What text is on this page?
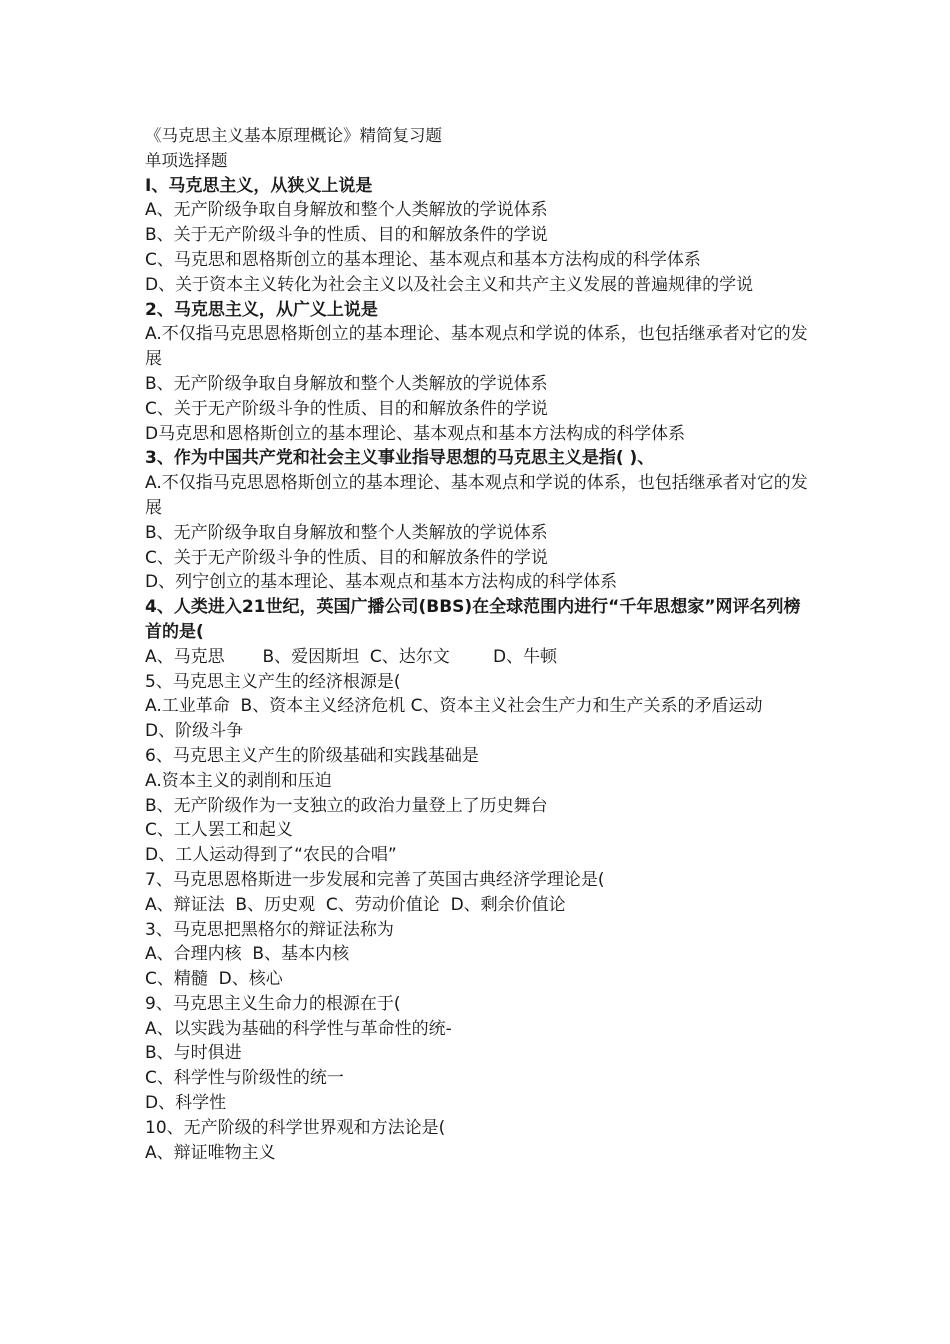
《马克思主义基本原理概论》精简复习题
单项选择题
I、马克思主义，从狭义上说是
A、无产阶级争取自身解放和整个人类解放的学说体系
B、关于无产阶级斗争的性质、目的和解放条件的学说
C、马克思和恩格斯创立的基本理论、基本观点和基本方法构成的科学体系
D、关于资本主义转化为社会主义以及社会主义和共产主义发展的普遍规律的学说
2、马克思主义，从广义上说是
A.不仅指马克思恩格斯创立的基本理论、基本观点和学说的体系，也包括继承者对它的发展
B、无产阶级争取自身解放和整个人类解放的学说体系
C、关于无产阶级斗争的性质、目的和解放条件的学说
D马克思和恩格斯创立的基本理论、基本观点和基本方法构成的科学体系
3、作为中国共产党和社会主义事业指导思想的马克思主义是指( )、
A.不仅指马克思恩格斯创立的基本理论、基本观点和学说的体系，也包括继承者对它的发展
B、无产阶级争取自身解放和整个人类解放的学说体系
C、关于无产阶级斗争的性质、目的和解放条件的学说
D、列宁创立的基本理论、基本观点和基本方法构成的科学体系
4、人类进入21世纪，英国广播公司(BBS)在全球范围内进行“千年思想家”网评名列榜首的是(
A、马克思       B、爱因斯坦  C、达尔文        D、牛顿
5、马克思主义产生的经济根源是(
A.工业革命  B、资本主义经济危机 C、资本主义社会生产力和生产关系的矛盾运动
D、阶级斗争
6、马克思主义产生的阶级基础和实践基础是
A.资本主义的剥削和压迫
B、无产阶级作为一支独立的政治力量登上了历史舞台
C、工人罢工和起义
D、工人运动得到了“农民的合唱”
7、马克思恩格斯进一步发展和完善了英国古典经济学理论是(
A、辩证法  B、历史观  C、劳动价值论  D、剩余价值论
3、马克思把黑格尔的辩证法称为
A、合理内核  B、基本内核
C、精髓  D、核心
9、马克思主义生命力的根源在于(
A、以实践为基础的科学性与革命性的统-
B、与时俱进
C、科学性与阶级性的统一
D、科学性
10、无产阶级的科学世界观和方法论是(
A、辩证唯物主义
